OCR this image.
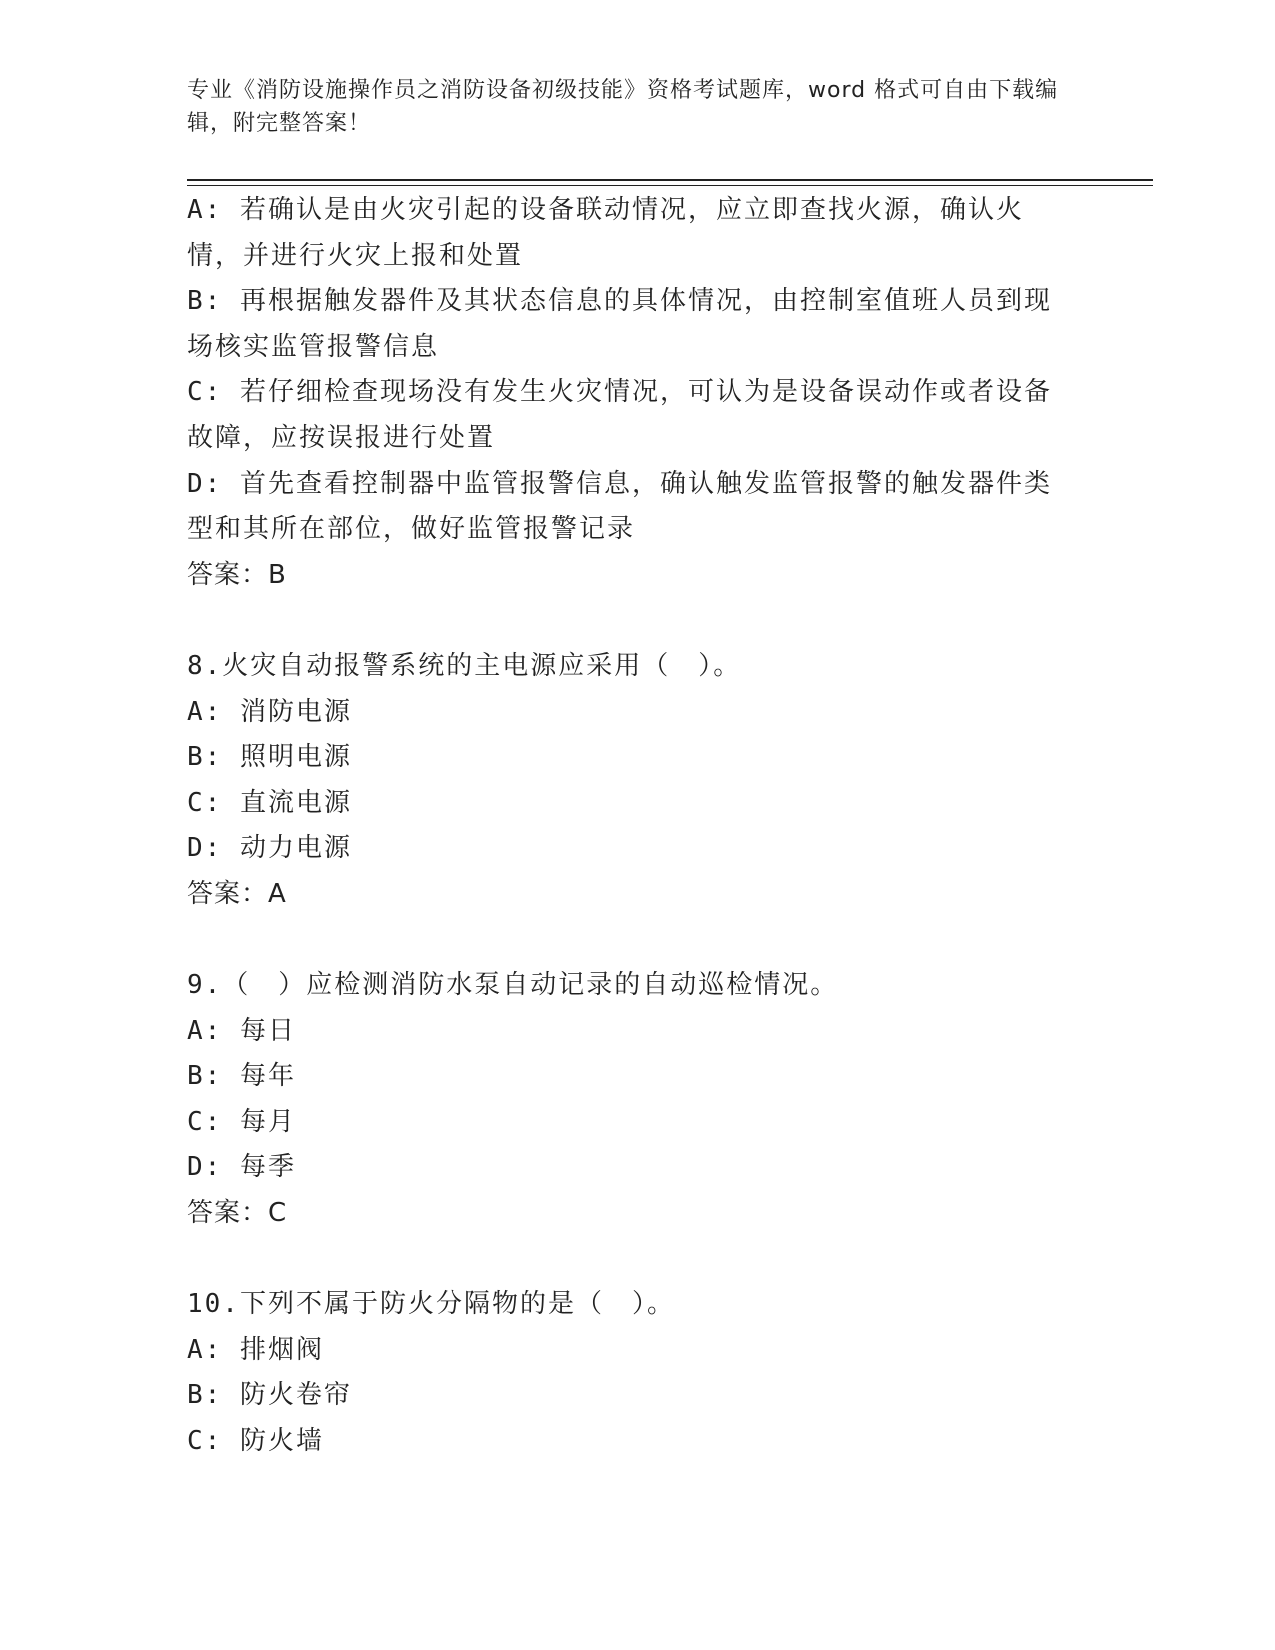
专业《消防设施操作员之消防设备初级技能》资格考试题库，word 格式可自由下载编辑，附完整答案！
A: 若确认是由火灾引起的设备联动情况，应立即查找火源，确认火情，并进行火灾上报和处置
B: 再根据触发器件及其状态信息的具体情况，由控制室值班人员到现场核实监管报警信息
C: 若仔细检查现场没有发生火灾情况，可认为是设备误动作或者设备故障，应按误报进行处置
D: 首先查看控制器中监管报警信息，确认触发监管报警的触发器件类型和其所在部位，做好监管报警记录
答案：B
8.火灾自动报警系统的主电源应采用（　）。
A: 消防电源
B: 照明电源
C: 直流电源
D: 动力电源
答案：A
9.（　）应检测消防水泵自动记录的自动巡检情况。
A: 每日
B: 每年
C: 每月
D: 每季
答案：C
10.下列不属于防火分隔物的是（　）。
A: 排烟阀
B: 防火卷帘
C: 防火墙
